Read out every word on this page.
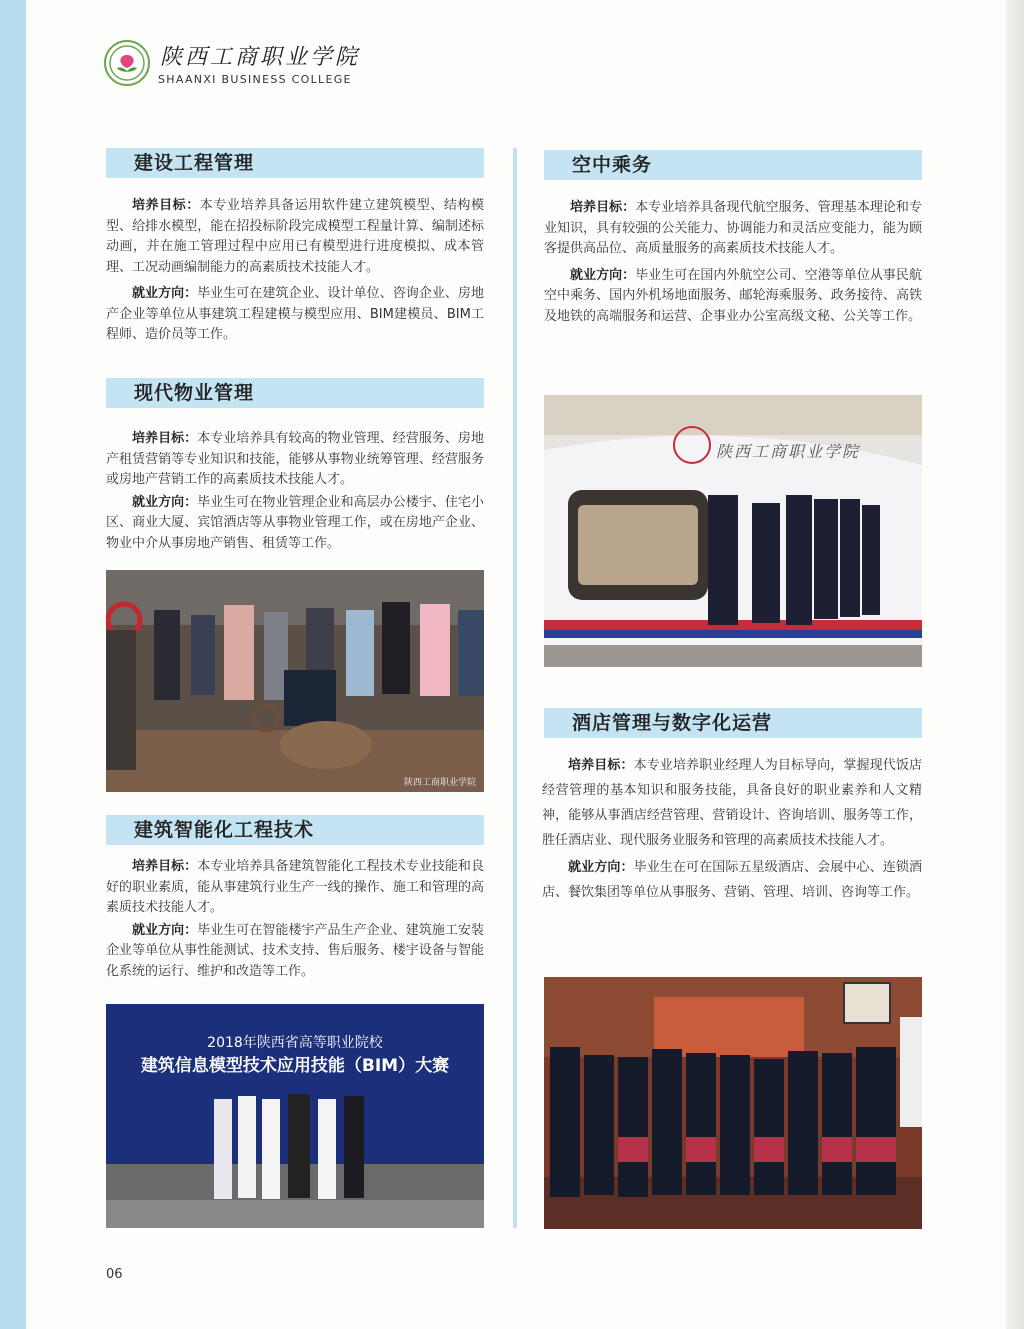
陕西工商职业学院
SHAANXI BUSINESS COLLEGE
建设工程管理

培养目标：本专业培养具备运用软件建立建筑模型、结构模型、给排水模型，能在招投标阶段完成模型工程量计算、编制述标动画，并在施工管理过程中应用已有模型进行进度模拟、成本管理、工况动画编制能力的高素质技术技能人才。

就业方向：毕业生可在建筑企业、设计单位、咨询企业、房地产企业等单位从事建筑工程建模与模型应用、BIM建模员、BIM工程师、造价员等工作。

现代物业管理

培养目标：本专业培养具有较高的物业管理、经营服务、房地产租赁营销等专业知识和技能，能够从事物业统筹管理、经营服务或房地产营销工作的高素质技术技能人才。

就业方向：毕业生可在物业管理企业和高层办公楼宇、住宅小区、商业大厦、宾馆酒店等从事物业管理工作，或在房地产企业、物业中介从事房地产销售、租赁等工作。

陕西工商职业学院
建筑智能化工程技术

培养目标：本专业培养具备建筑智能化工程技术专业技能和良好的职业素质，能从事建筑行业生产一线的操作、施工和管理的高素质技术技能人才。

就业方向：毕业生可在智能楼宇产品生产企业、建筑施工安装企业等单位从事性能测试、技术支持、售后服务、楼宇设备与智能化系统的运行、维护和改造等工作。

2018年陕西省高等职业院校
建筑信息模型技术应用技能（BIM）大赛
空中乘务

培养目标：本专业培养具备现代航空服务、管理基本理论和专业知识，具有较强的公关能力、协调能力和灵活应变能力，能为顾客提供高品位、高质量服务的高素质技术技能人才。

就业方向：毕业生可在国内外航空公司、空港等单位从事民航空中乘务、国内外机场地面服务、邮轮海乘服务、政务接待、高铁及地铁的高端服务和运营、企事业办公室高级文秘、公关等工作。

陕西工商职业学院
酒店管理与数字化运营

培养目标：本专业培养职业经理人为目标导向，掌握现代饭店经营管理的基本知识和服务技能，具备良好的职业素养和人文精神，能够从事酒店经营管理、营销设计、咨询培训、服务等工作，胜任酒店业、现代服务业服务和管理的高素质技术技能人才。

就业方向：毕业生在可在国际五星级酒店、会展中心、连锁酒店、餐饮集团等单位从事服务、营销、管理、培训、咨询等工作。

06
